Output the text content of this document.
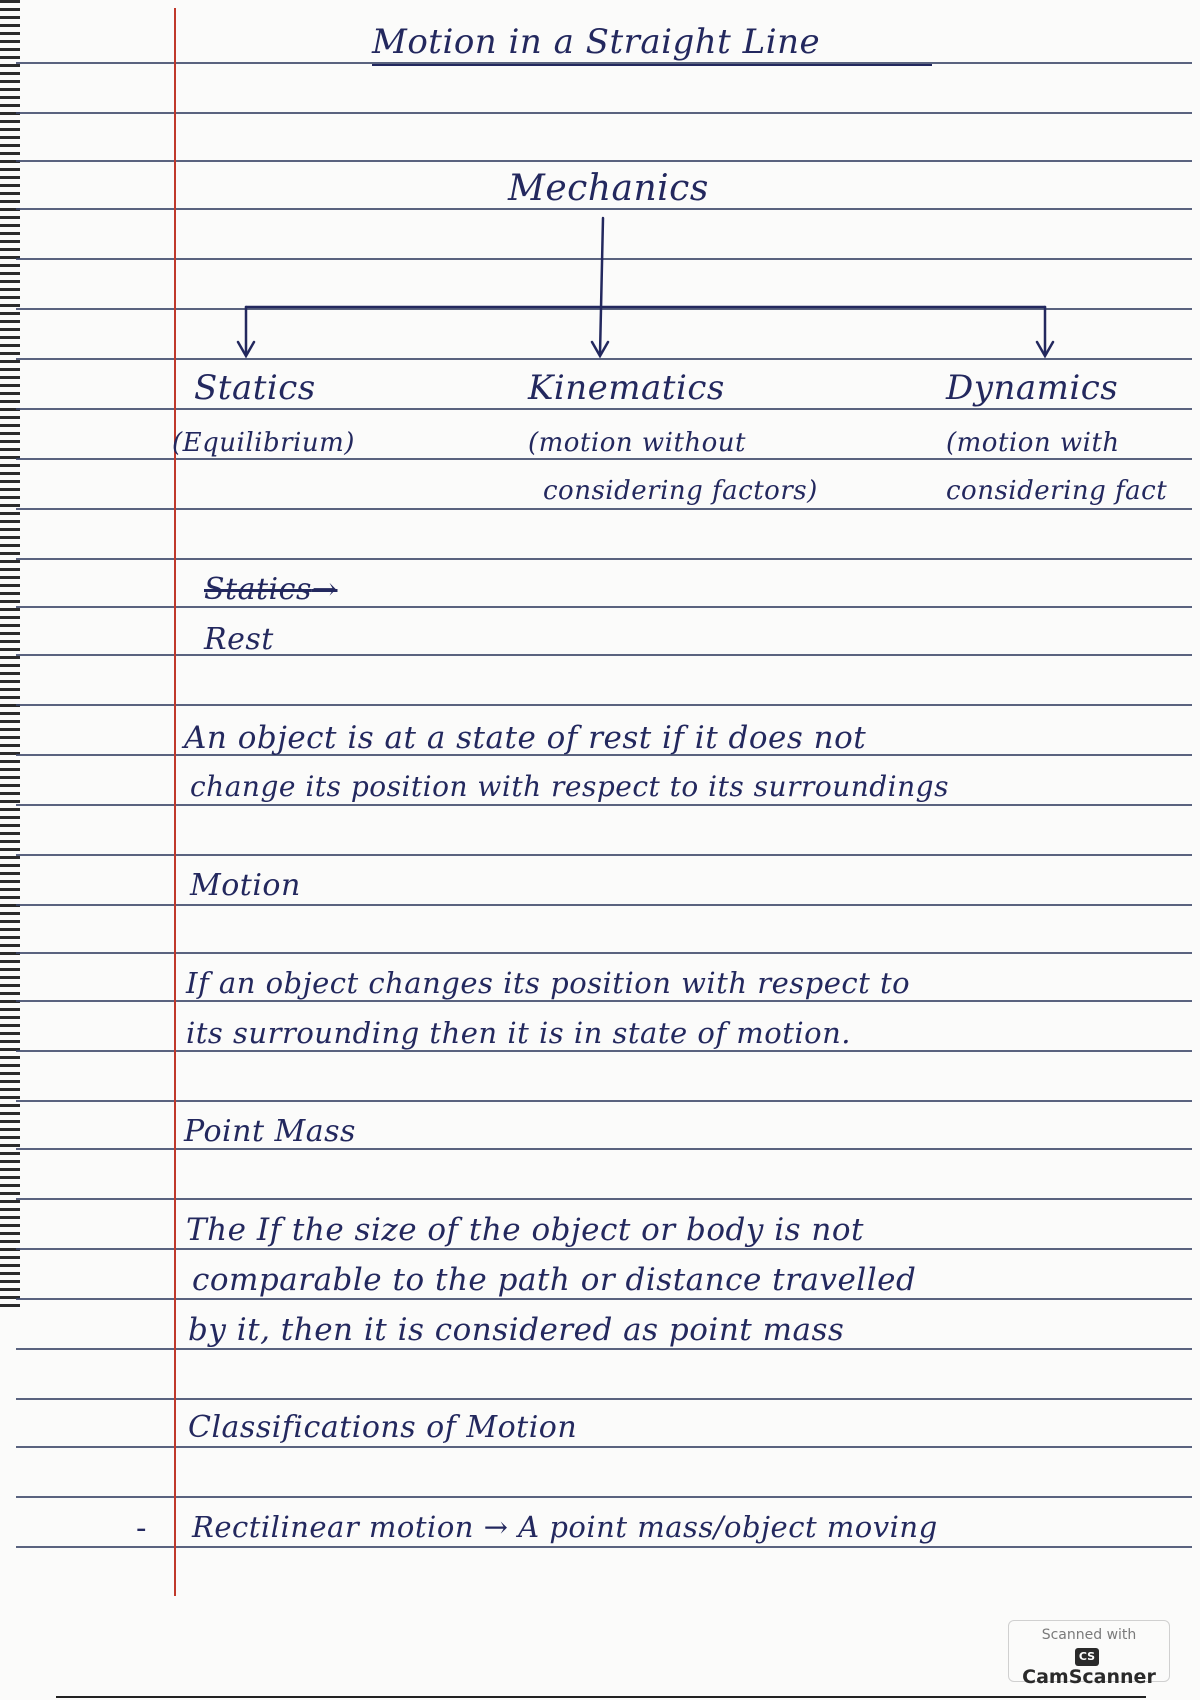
Motion in a Straight Line
Mechanics
Statics
(Equilibrium)
Kinematics
(motion without
considering factors)
Dynamics
(motion with
considering fact
Statics→
Rest
An object is at a state of rest if it does not
change its position with respect to its surroundings
Motion
If an object changes its position with respect to
its surrounding then it is in state of motion.
Point Mass
The If the size of the object or body is not
comparable to the path or distance travelled
by it, then it is considered as point mass
Classifications of Motion
- Rectilinear motion → A point mass/object moving
Scanned with
CS CamScanner
